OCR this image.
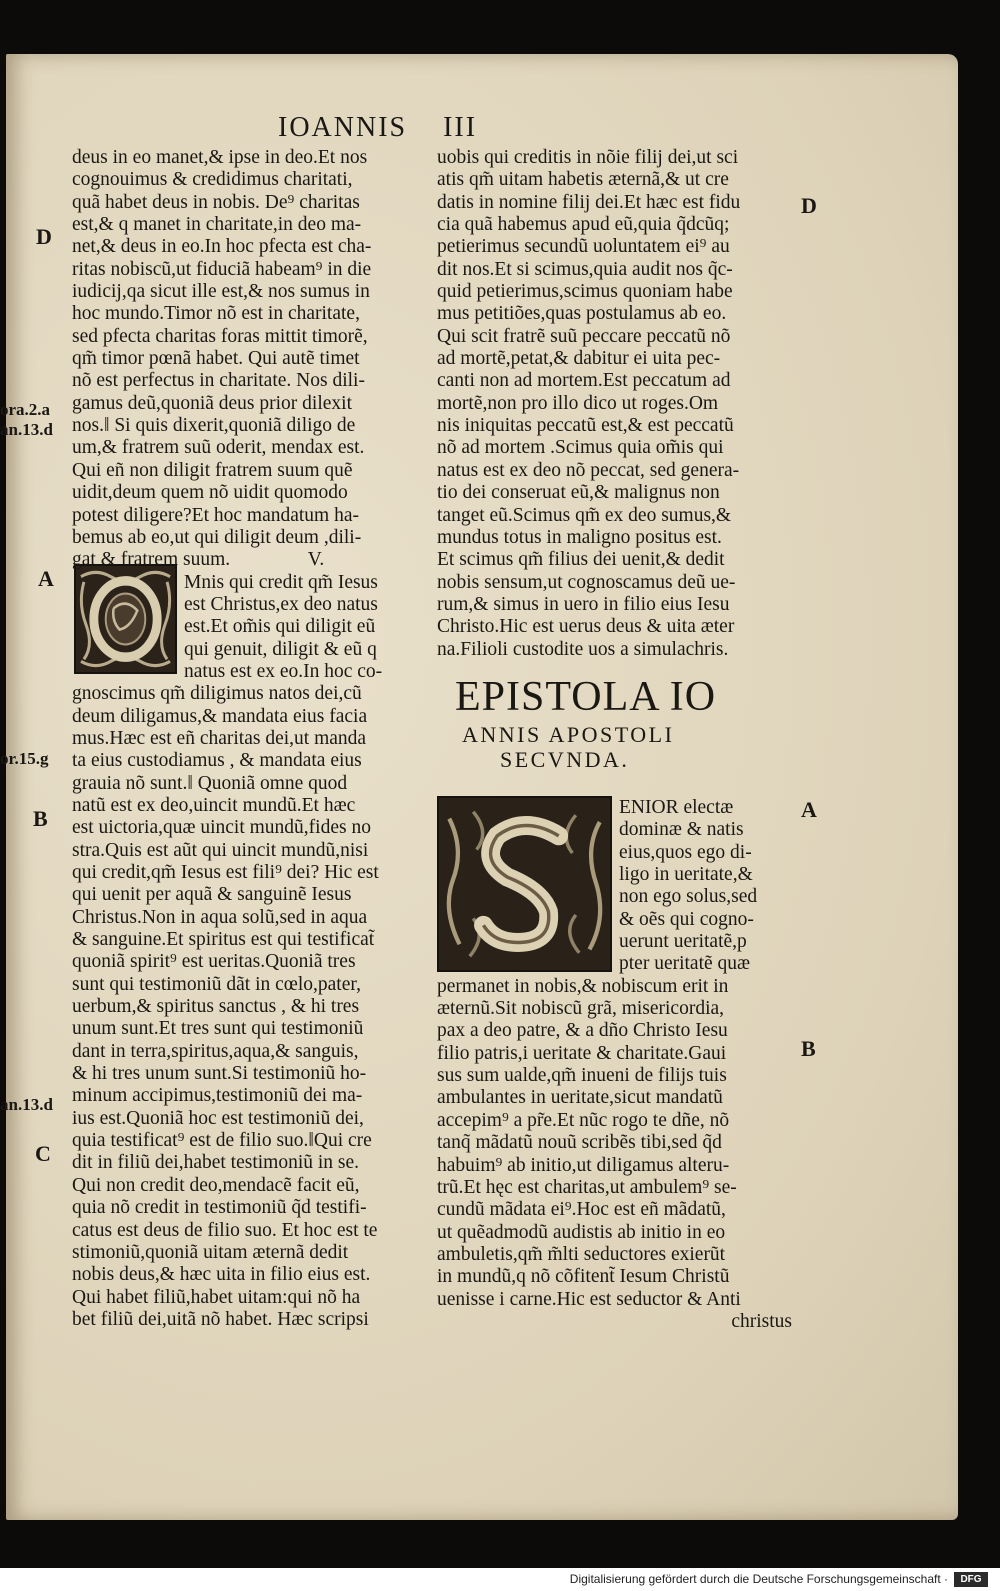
IOANNIS III
D
A
B
C
D
A
B
ora.2.a
an.13.d
or.15.g
an.13.d
deus in eo manet,& ipse in deo.Et nos
cognouimus & credidimus charitati,
quã habet deus in nobis. De⁹ charitas
est,& q manet in charitate,in deo ma-
net,& deus in eo.In hoc pfecta est cha-
ritas nobiscũ,ut fiduciã habeam⁹ in die
iudicij,qa sicut ille est,& nos sumus in
hoc mundo.Timor nõ est in charitate,
sed pfecta charitas foras mittit timorẽ,
qm̃ timor pœnã habet. Qui autẽ timet
nõ est perfectus in charitate. Nos dili-
gamus deũ,quoniã deus prior dilexit
nos.‖ Si quis dixerit,quoniã diligo de
um,& fratrem suũ oderit, mendax est.
Qui eñ non diligit fratrem suum quẽ
uidit,deum quem nõ uidit quomodo
potest diligere?Et hoc mandatum ha-
bemus ab eo,ut qui diligit deum ,dili-
gat & fratrem suum.                V.
Mnis qui credit qm̃ Iesus
est Christus,ex deo natus
est.Et om̃is qui diligit eũ
qui genuit, diligit & eũ q
natus est ex eo.In hoc co-
gnoscimus qm̃ diligimus natos dei,cũ
deum diligamus,& mandata eius facia
mus.Hæc est eñ charitas dei,ut manda
ta eius custodiamus , & mandata eius
grauia nõ sunt.‖ Quoniã omne quod
natũ est ex deo,uincit mundũ.Et hæc
est uictoria,quæ uincit mundũ,fides no
stra.Quis est aũt qui uincit mundũ,nisi
qui credit,qm̃ Iesus est fili⁹ dei? Hic est
qui uenit per aquã & sanguinẽ Iesus
Christus.Non in aqua solũ,sed in aqua
& sanguine.Et spiritus est qui testificat̃
quoniã spirit⁹ est ueritas.Quoniã tres
sunt qui testimoniũ dãt in cœlo,pater,
uerbum,& spiritus sanctus , & hi tres
unum sunt.Et tres sunt qui testimoniũ
dant in terra,spiritus,aqua,& sanguis,
& hi tres unum sunt.Si testimoniũ ho-
minum accipimus,testimoniũ dei ma-
ius est.Quoniã hoc est testimoniũ dei,
quia testificat⁹ est de filio suo.‖Qui cre
dit in filiũ dei,habet testimoniũ in se.
Qui non credit deo,mendacẽ facit eũ,
quia nõ credit in testimoniũ q̃d testifi-
catus est deus de filio suo. Et hoc est te
stimoniũ,quoniã uitam æternã dedit
nobis deus,& hæc uita in filio eius est.
Qui habet filiũ,habet uitam:qui nõ ha
bet filiũ dei,uitã nõ habet. Hæc scripsi
uobis qui creditis in nõie filij dei,ut sci
atis qm̃ uitam habetis æternã,& ut cre
datis in nomine filij dei.Et hæc est fidu
cia quã habemus apud eũ,quia q̃dcũq;
petierimus secundũ uoluntatem ei⁹ au
dit nos.Et si scimus,quia audit nos q̃c-
quid petierimus,scimus quoniam habe
mus petitiões,quas postulamus ab eo.
Qui scit fratrẽ suũ peccare peccatũ nõ
ad mortẽ,petat,& dabitur ei uita pec-
canti non ad mortem.Est peccatum ad
mortẽ,non pro illo dico ut roges.Om
nis iniquitas peccatũ est,& est peccatũ
nõ ad mortem .Scimus quia om̃is qui
natus est ex deo nõ peccat, sed genera-
tio dei conseruat eũ,& malignus non
tanget eũ.Scimus qm̃ ex deo sumus,&
mundus totus in maligno positus est.
Et scimus qm̃ filius dei uenit,& dedit
nobis sensum,ut cognoscamus deũ ue-
rum,& simus in uero in filio eius Iesu
Christo.Hic est uerus deus & uita æter
na.Filioli custodite uos a simulachris.
EPISTOLA IO
ANNIS APOSTOLI
SECVNDA.
ENIOR electæ
dominæ & natis
eius,quos ego di-
ligo in ueritate,&
non ego solus,sed
& oẽs qui cogno-
uerunt ueritatẽ,p
pter ueritatẽ quæ
permanet in nobis,& nobiscum erit in
æternũ.Sit nobiscũ grã, misericordia,
pax a deo patre, & a dño Christo Iesu
filio patris,i ueritate & charitate.Gaui
sus sum ualde,qm̃ inueni de filijs tuis
ambulantes in ueritate,sicut mandatũ
accepim⁹ a pr̃e.Et nũc rogo te dñe, nõ
tanq̃ mãdatũ nouũ scribẽs tibi,sed q̃d
habuim⁹ ab initio,ut diligamus alteru-
trũ.Et hęc est charitas,ut ambulem⁹ se-
cundũ mãdata ei⁹.Hoc est eñ mãdatũ,
ut quẽadmodũ audistis ab initio in eo
ambuletis,qm̃ m̃lti seductores exierũt
in mundũ,q nõ cõfitent̃ Iesum Christũ
uenisse i carne.Hic est seductor & Anti
christus
Digitalisierung gefördert durch die Deutsche Forschungsgemeinschaft ·	DFG
